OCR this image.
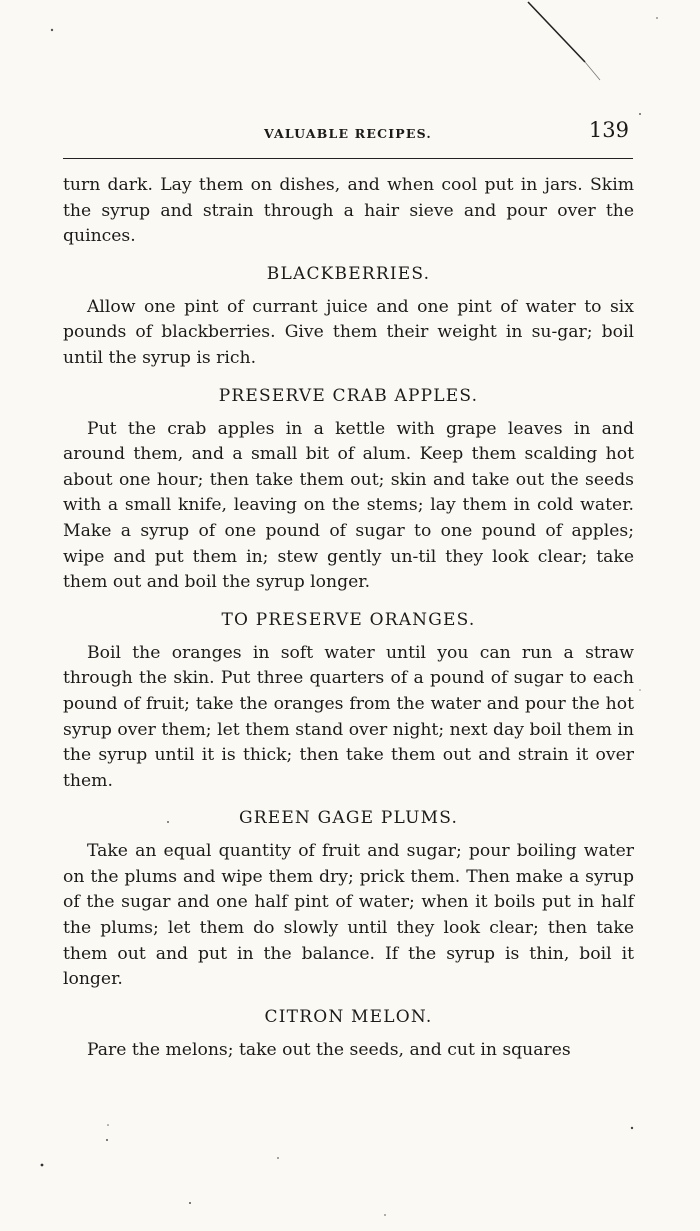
VALUABLE RECIPES.	139

turn dark. Lay them on dishes, and when cool put in jars. Skim the syrup and strain through a hair sieve and pour over the quinces.

BLACKBERRIES.

Allow one pint of currant juice and one pint of water to six pounds of blackberries. Give them their weight in su-gar; boil until the syrup is rich.

PRESERVE CRAB APPLES.

Put the crab apples in a kettle with grape leaves in and around them, and a small bit of alum. Keep them scalding hot about one hour; then take them out; skin and take out the seeds with a small knife, leaving on the stems; lay them in cold water. Make a syrup of one pound of sugar to one pound of apples; wipe and put them in; stew gently un-til they look clear; take them out and boil the syrup longer.

TO PRESERVE ORANGES.

Boil the oranges in soft water until you can run a straw through the skin. Put three quarters of a pound of sugar to each pound of fruit; take the oranges from the water and pour the hot syrup over them; let them stand over night; next day boil them in the syrup until it is thick; then take them out and strain it over them.

GREEN GAGE PLUMS.

Take an equal quantity of fruit and sugar; pour boiling water on the plums and wipe them dry; prick them. Then make a syrup of the sugar and one half pint of water; when it boils put in half the plums; let them do slowly until they look clear; then take them out and put in the balance. If the syrup is thin, boil it longer.

CITRON MELON.

Pare the melons; take out the seeds, and cut in squares
